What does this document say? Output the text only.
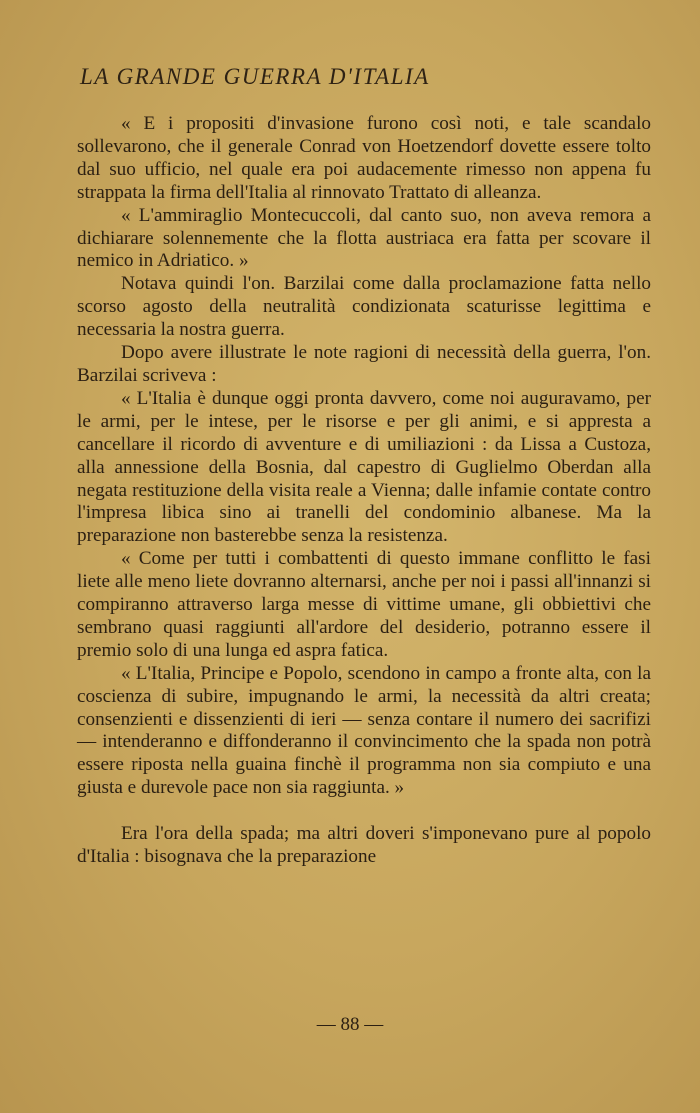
LA GRANDE GUERRA D'ITALIA

« E i propositi d'invasione furono così noti, e tale scandalo sollevarono, che il generale Conrad von Hoetzendorf dovette essere tolto dal suo ufficio, nel quale era poi audacemente rimesso non appena fu strappata la firma dell'Italia al rinnovato Trattato di alleanza.

« L'ammiraglio Montecuccoli, dal canto suo, non aveva remora a dichiarare solennemente che la flotta austriaca era fatta per scovare il nemico in Adriatico. »

Notava quindi l'on. Barzilai come dalla proclamazione fatta nello scorso agosto della neutralità condizionata scaturisse legittima e necessaria la nostra guerra.

Dopo avere illustrate le note ragioni di necessità della guerra, l'on. Barzilai scriveva :

« L'Italia è dunque oggi pronta davvero, come noi auguravamo, per le armi, per le intese, per le risorse e per gli animi, e si appresta a cancellare il ricordo di avventure e di umiliazioni : da Lissa a Custoza, alla annessione della Bosnia, dal capestro di Guglielmo Oberdan alla negata restituzione della visita reale a Vienna; dalle infamie contate contro l'impresa libica sino ai tranelli del condominio albanese. Ma la preparazione non basterebbe senza la resistenza.

« Come per tutti i combattenti di questo immane conflitto le fasi liete alle meno liete dovranno alternarsi, anche per noi i passi all'innanzi si compiranno attraverso larga messe di vittime umane, gli obbiettivi che sembrano quasi raggiunti all'ardore del desiderio, potranno essere il premio solo di una lunga ed aspra fatica.

« L'Italia, Principe e Popolo, scendono in campo a fronte alta, con la coscienza di subire, impugnando le armi, la necessità da altri creata; consenzienti e dissenzienti di ieri — senza contare il numero dei sacrifizi — intenderanno e diffonderanno il convincimento che la spada non potrà essere riposta nella guaina finchè il programma non sia compiuto e una giusta e durevole pace non sia raggiunta. »

Era l'ora della spada; ma altri doveri s'imponevano pure al popolo d'Italia : bisognava che la preparazione

— 88 —
